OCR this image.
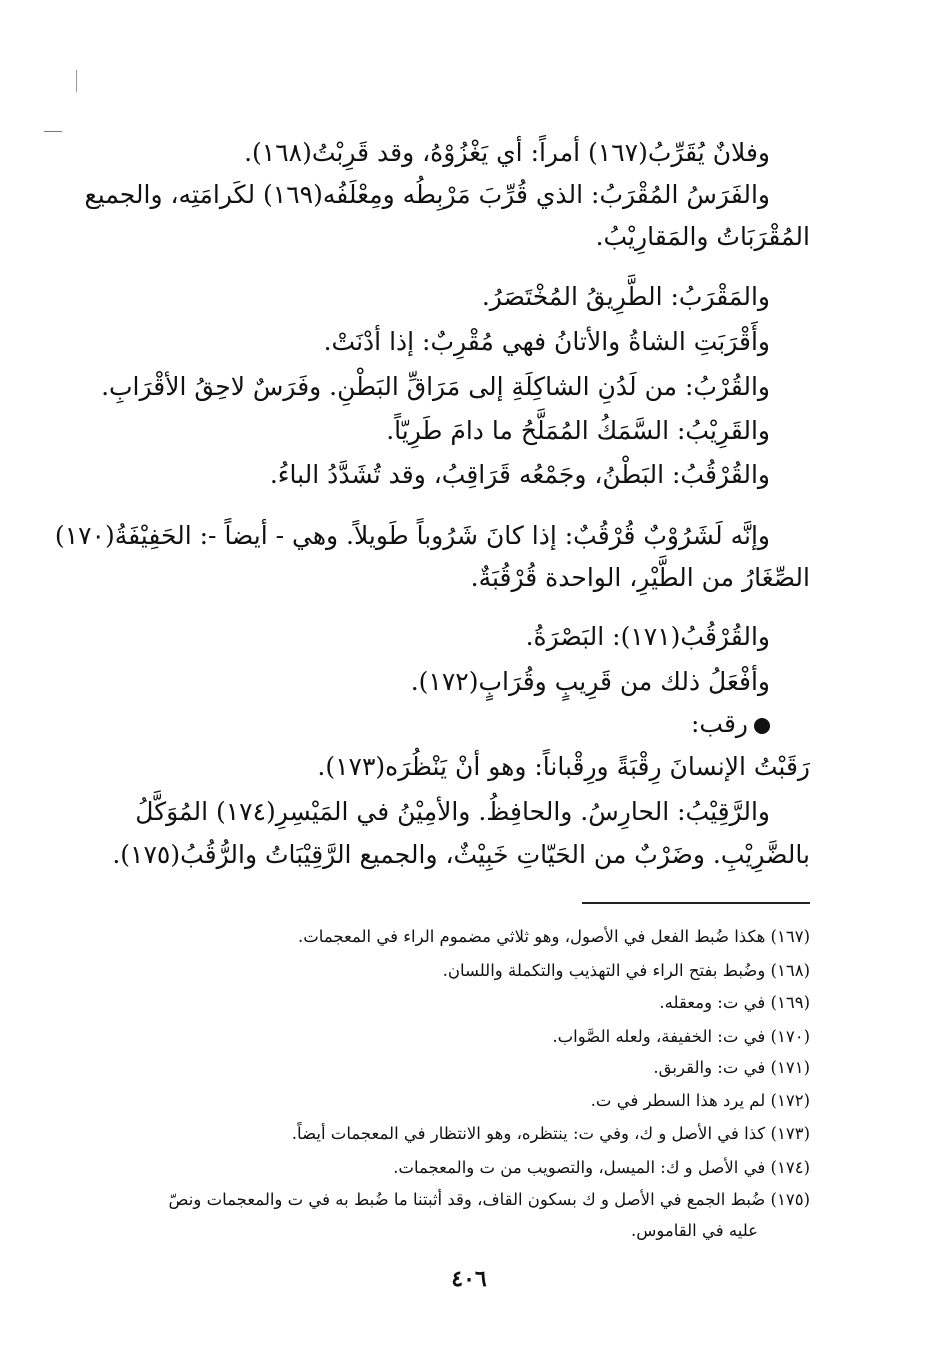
وفلانٌ يُقَرِّبُ(١٦٧) أمراً: أي يَغْزُوْهُ، وقد قَرِبْتُ(١٦٨).
والفَرَسُ المُقْرَبُ: الذي قُرِّبَ مَرْبِطُه ومِعْلَفُه(١٦٩) لكَرامَتِه، والجميع
المُقْرَبَاتُ والمَقارِيْبُ.
والمَقْرَبُ: الطَّرِيقُ المُخْتَصَرُ.
وأَقْرَبَتِ الشاةُ والأتانُ فهي مُقْرِبٌ: إذا أدْنَتْ.
والقُرْبُ: من لَدُنِ الشاكِلَةِ إلى مَرَاقِّ البَطْنِ. وفَرَسٌ لاحِقُ الأقْرَابِ.
والقَرِيْبُ: السَّمَكُ المُمَلَّحُ ما دامَ طَرِيّاً.
والقُرْقُبُ: البَطْنُ، وجَمْعُه قَرَاقِبُ، وقد تُشَدَّدُ الباءُ.
وإنَّه لَشَرُوْبٌ قُرْقُبٌ: إذا كانَ شَرُوباً طَويلاً. وهي - أيضاً -: الحَفِيْفَةُ(١٧٠)
الصِّغَارُ من الطَّيْرِ، الواحدة قُرْقُبَةٌ.
والقُرْقُبُ(١٧١): البَصْرَةُ.
وأفْعَلُ ذلك من قَرِيبٍ وقُرَابٍ(١٧٢).
رقب:
رَقَبْتُ الإنسانَ رِقْبَةً ورِقْباناً: وهو أنْ يَنْظُرَه(١٧٣).
والرَّقِيْبُ: الحارِسُ. والحافِظُ. والأمِيْنُ في المَيْسِرِ(١٧٤) المُوَكَّلُ
بالضَّرِيْبِ. وضَرْبٌ من الحَيّاتِ خَبِيْثٌ، والجميع الرَّقِيْبَاتُ والرُّقُبُ(١٧٥).
(١٦٧) هكذا ضُبط الفعل في الأصول، وهو ثلاثي مضموم الراء في المعجمات.
(١٦٨) وضُبط بفتح الراء في التهذيب والتكملة واللسان.
(١٦٩) في ت: ومعقله.
(١٧٠) في ت: الخفيفة، ولعله الصَّواب.
(١٧١) في ت: والقربق.
(١٧٢) لم يرد هذا السطر في ت.
(١٧٣) كذا في الأصل و ك، وفي ت: ينتظره، وهو الانتظار في المعجمات أيضاً.
(١٧٤) في الأصل و ك: الميسل، والتصويب من ت والمعجمات.
(١٧٥) ضُبط الجمع في الأصل و ك بسكون القاف، وقد أثبتنا ما ضُبط به في ت والمعجمات ونصّ
عليه في القاموس.
٤٠٦
